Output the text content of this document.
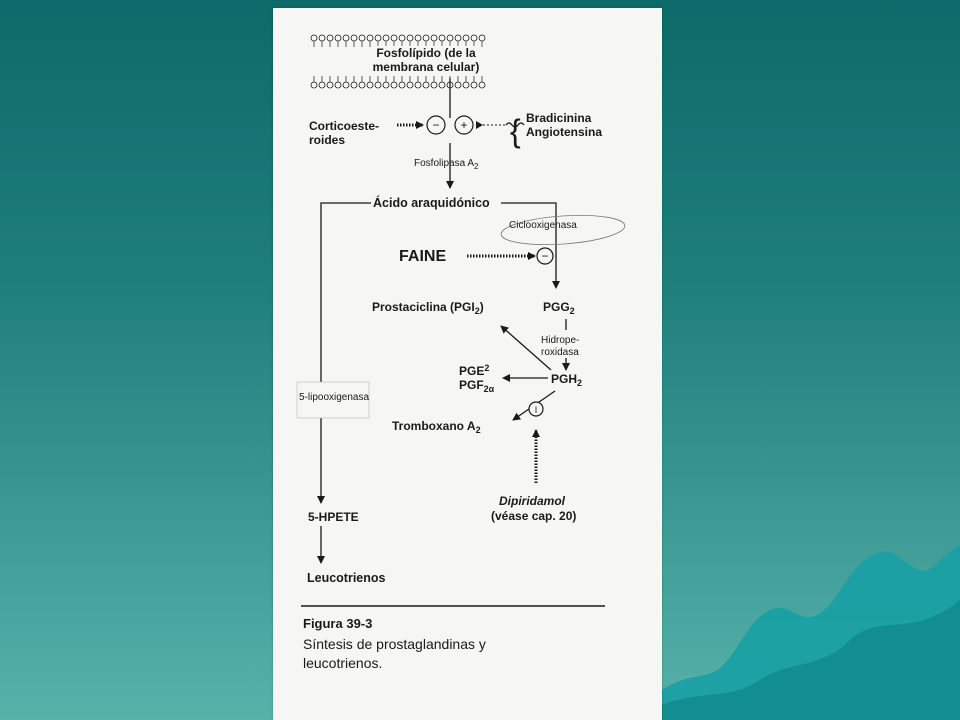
Fosfolípido (de la
membrana celular)
Corticoeste-
roides
− + { Bradicinina
Angiotensina
Fosfolipasa $A_2$
Ácido araquidónico
Ciclooxigenasa
FAINE	−
Prostaciclina $(PGI_2)$	$PGG_2$
Hidrope-
roxidasa
$PGH_2$
PGE$^2$
$PGF_{2\alpha}$
I
Tromboxano $A_2$
5-lipooxigenasa
Dipiridamol
(véase cap. 20)
5-HPETE
Leucotrienos
Figura 39-3
Síntesis de prostaglandinas y
leucotrienos.
